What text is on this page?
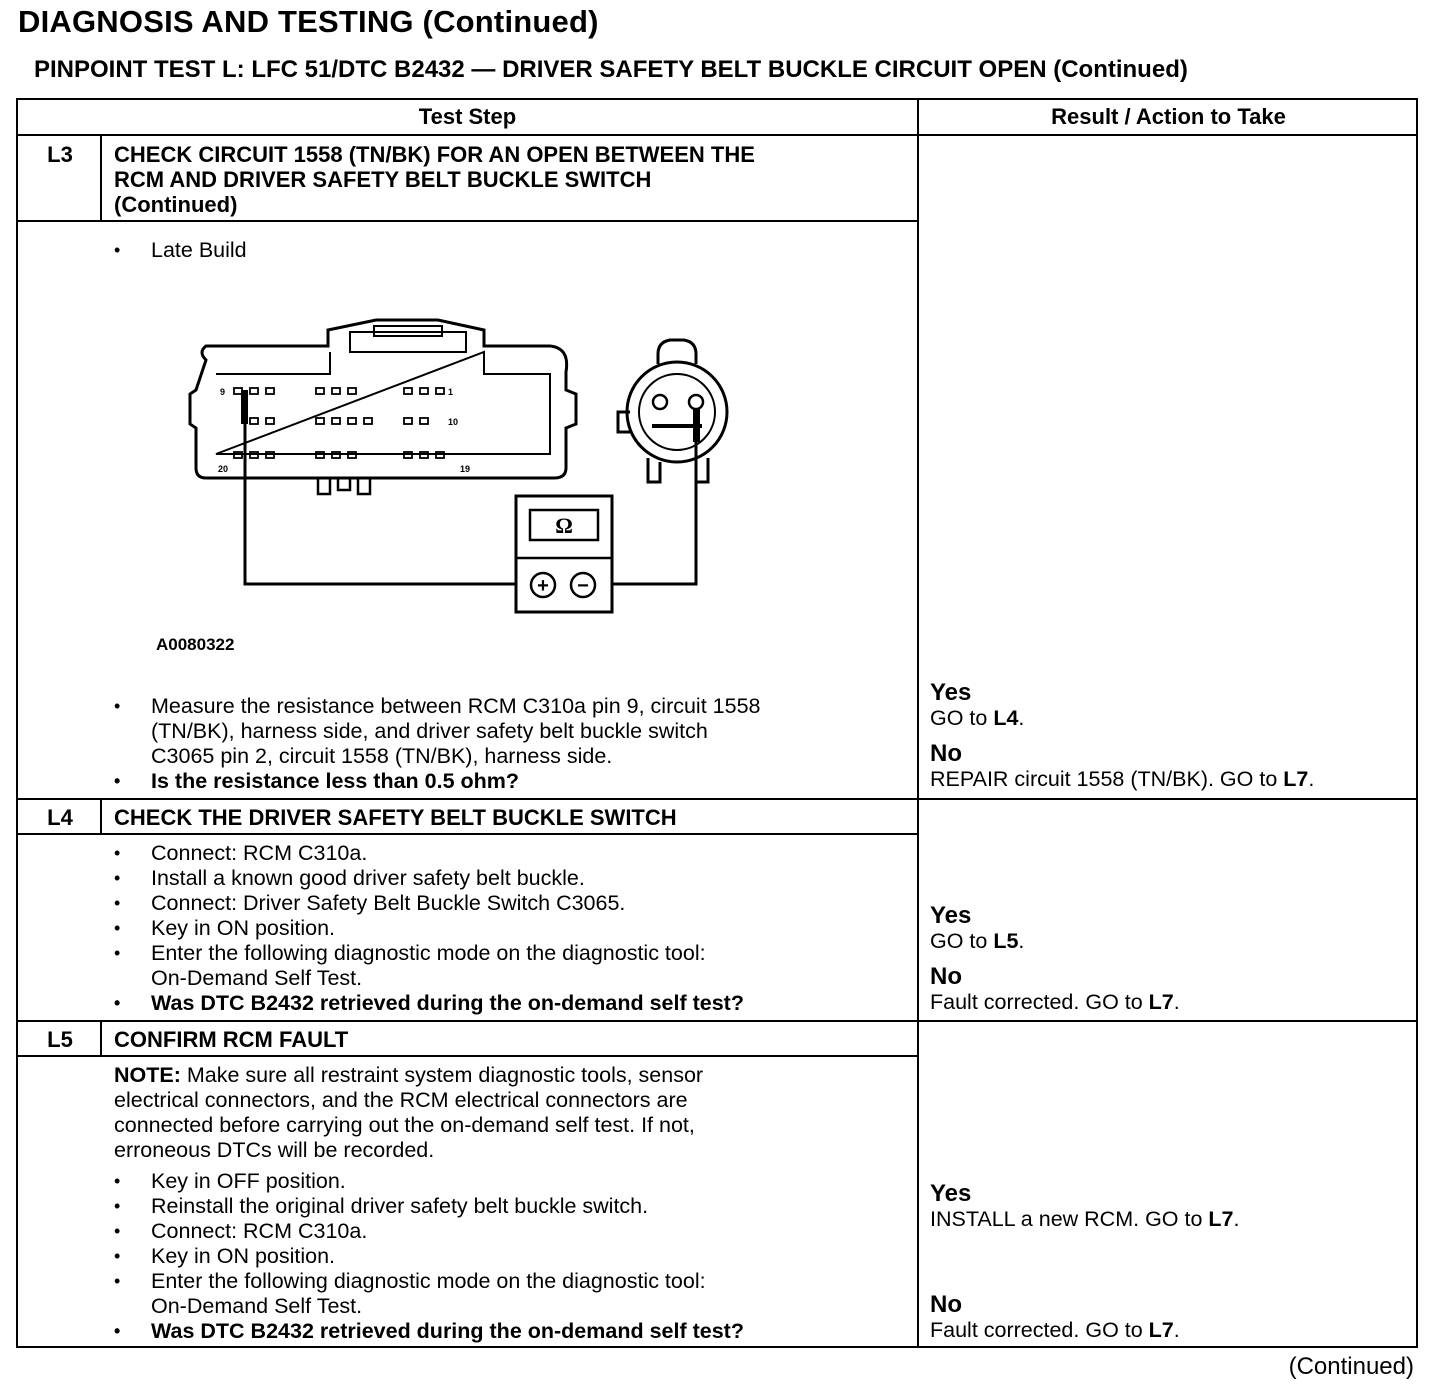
DIAGNOSIS AND TESTING (Continued)
PINPOINT TEST L: LFC 51/DTC B2432 — DRIVER SAFETY BELT BUCKLE CIRCUIT OPEN (Continued)
Test Step	Result / Action to Take
L3	CHECK CIRCUIT 1558 (TN/BK) FOR AN OPEN BETWEEN THE
RCM AND DRIVER SAFETY BELT BUCKLE SWITCH
(Continued)
• Late Build
9	1
10
20	19
Ω
+ −
A0080322
• Measure the resistance between RCM C310a pin 9, circuit 1558
(TN/BK), harness side, and driver safety belt buckle switch
C3065 pin 2, circuit 1558 (TN/BK), harness side.
• Is the resistance less than 0.5 ohm?
Yes
GO to L4.
No
REPAIR circuit 1558 (TN/BK). GO to L7.
L4	CHECK THE DRIVER SAFETY BELT BUCKLE SWITCH
• Connect: RCM C310a.
• Install a known good driver safety belt buckle.
• Connect: Driver Safety Belt Buckle Switch C3065.
• Key in ON position.
• Enter the following diagnostic mode on the diagnostic tool:
On-Demand Self Test.
• Was DTC B2432 retrieved during the on-demand self test?
Yes
GO to L5.
No
Fault corrected. GO to L7.
L5	CONFIRM RCM FAULT
NOTE: Make sure all restraint system diagnostic tools, sensor
electrical connectors, and the RCM electrical connectors are
connected before carrying out the on-demand self test. If not,
erroneous DTCs will be recorded.
• Key in OFF position.
• Reinstall the original driver safety belt buckle switch.
• Connect: RCM C310a.
• Key in ON position.
• Enter the following diagnostic mode on the diagnostic tool:
On-Demand Self Test.
• Was DTC B2432 retrieved during the on-demand self test?
Yes
INSTALL a new RCM. GO to L7.
No
Fault corrected. GO to L7.
(Continued)
